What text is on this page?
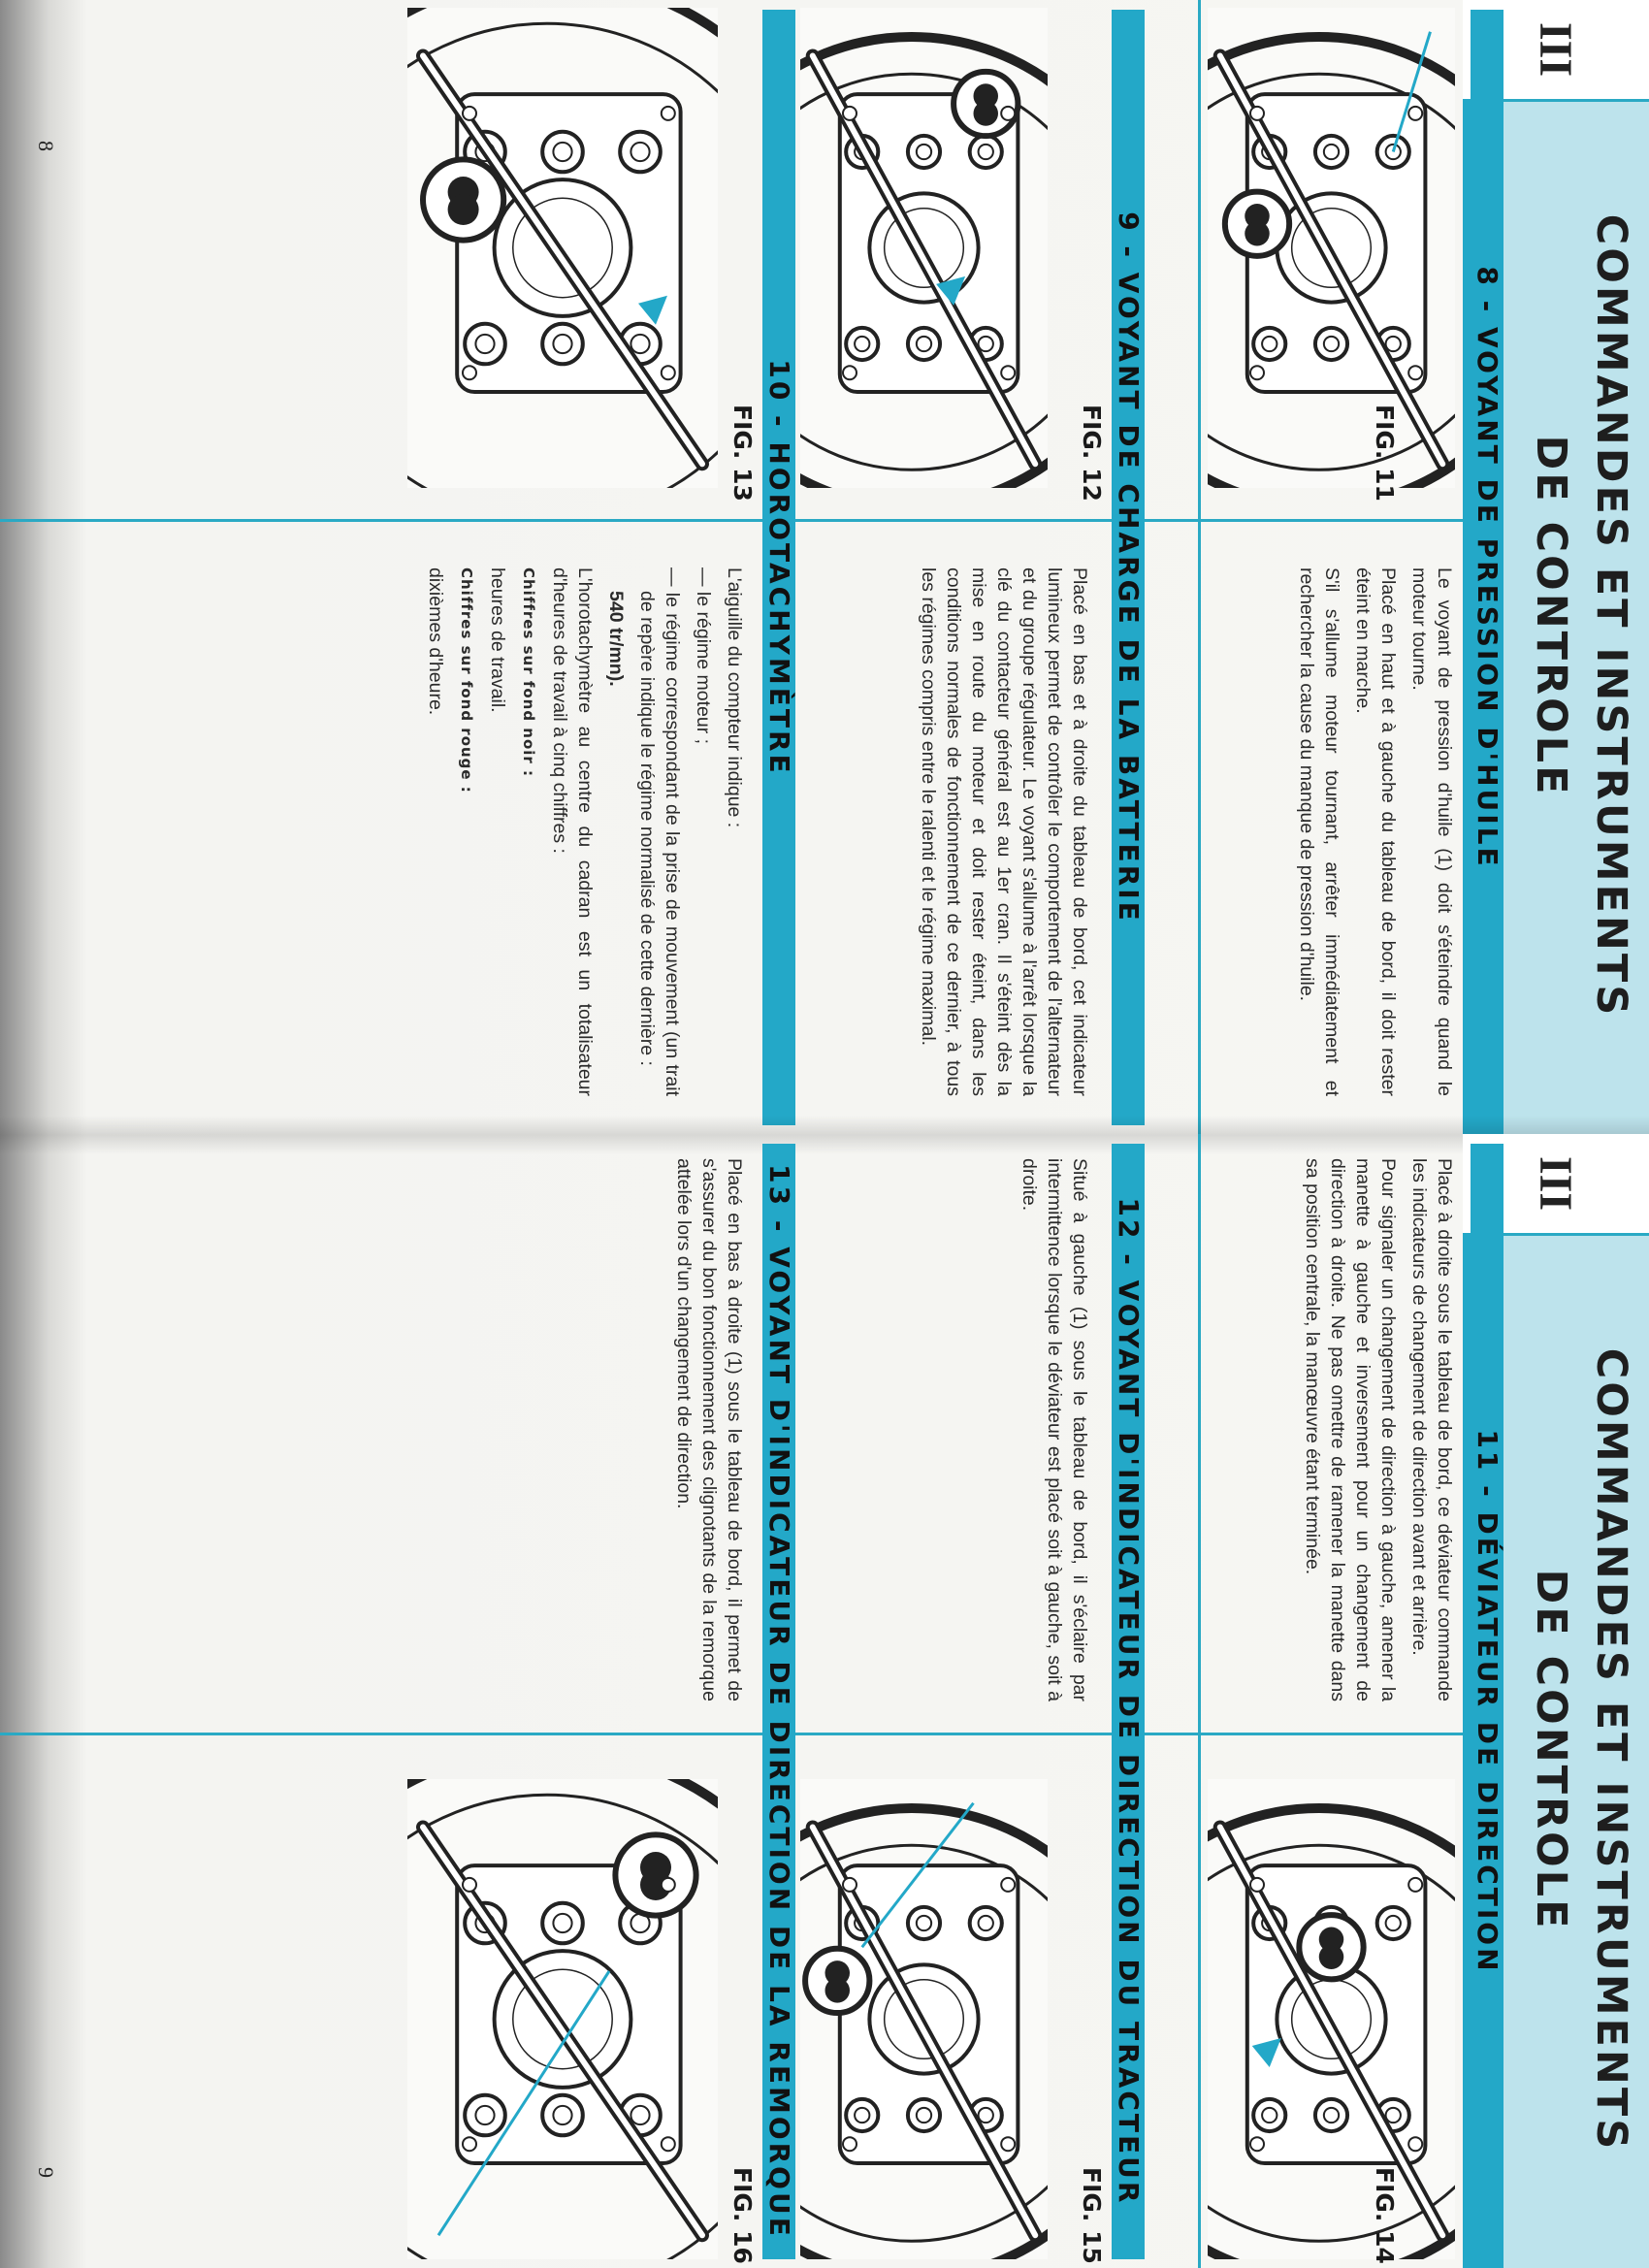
III
COMMANDES ET INSTRUMENTS
DE CONTROLE
8 - VOYANT DE PRESSION D'HUILE
FIG. 11

Le voyant de pression d'huile (1) doit s'éteindre quand le moteur tourne.

Placé en haut et à gauche du tableau de bord, il doit rester éteint en marche.

S'il s'allume moteur tournant, arrêter immédiatement et rechercher la cause du manque de pression d'huile.

9 - VOYANT DE CHARGE DE LA BATTERIE
FIG. 12

Placé en bas et à droite du tableau de bord, cet indicateur lumineux permet de contrôler le comportement de l'alternateur et du groupe régulateur. Le voyant s'allume à l'arrêt lorsque la clé du contacteur général est au 1er cran. Il s'éteint dès la mise en route du moteur et doit rester éteint, dans les conditions normales de fonctionnement de ce dernier, à tous les régimes compris entre le ralenti et le régime maximal.

10 - HOROTACHYMÈTRE
FIG. 13

L'aiguille du compteur indique :

— le régime moteur ;

— le régime correspondant de la prise de mouvement (un trait de repère indique le régime normalisé de cette dernière :

540 tr/mn).

L'horotachymètre au centre du cadran est un totalisateur d'heures de travail à cinq chiffres :

Chiffres sur fond noir :

heures de travail.

Chiffres sur fond rouge :

dixièmes d'heure.

8
III
COMMANDES ET INSTRUMENTS
DE CONTROLE
11 - DÉVIATEUR DE DIRECTION

Placé à droite sous le tableau de bord, ce déviateur commande les indicateurs de changement de direction avant et arrière.

Pour signaler un changement de direction à gauche, amener la manette à gauche et inversement pour un changement de direction à droite. Ne pas omettre de ramener la manette dans sa position centrale, la manœuvre étant terminée.

FIG. 14
12 - VOYANT D'INDICATEUR DE DIRECTION DU TRACTEUR

Situé à gauche (1) sous le tableau de bord, il s'éclaire par intermittence lorsque le déviateur est placé soit à gauche, soit à droite.

FIG. 15
13 - VOYANT D'INDICATEUR DE DIRECTION DE LA REMORQUE

Placé en bas à droite (1) sous le tableau de bord, il permet de s'assurer du bon fonctionnement des clignotants de la remorque attelée lors d'un changement de direction.

FIG. 16
9
